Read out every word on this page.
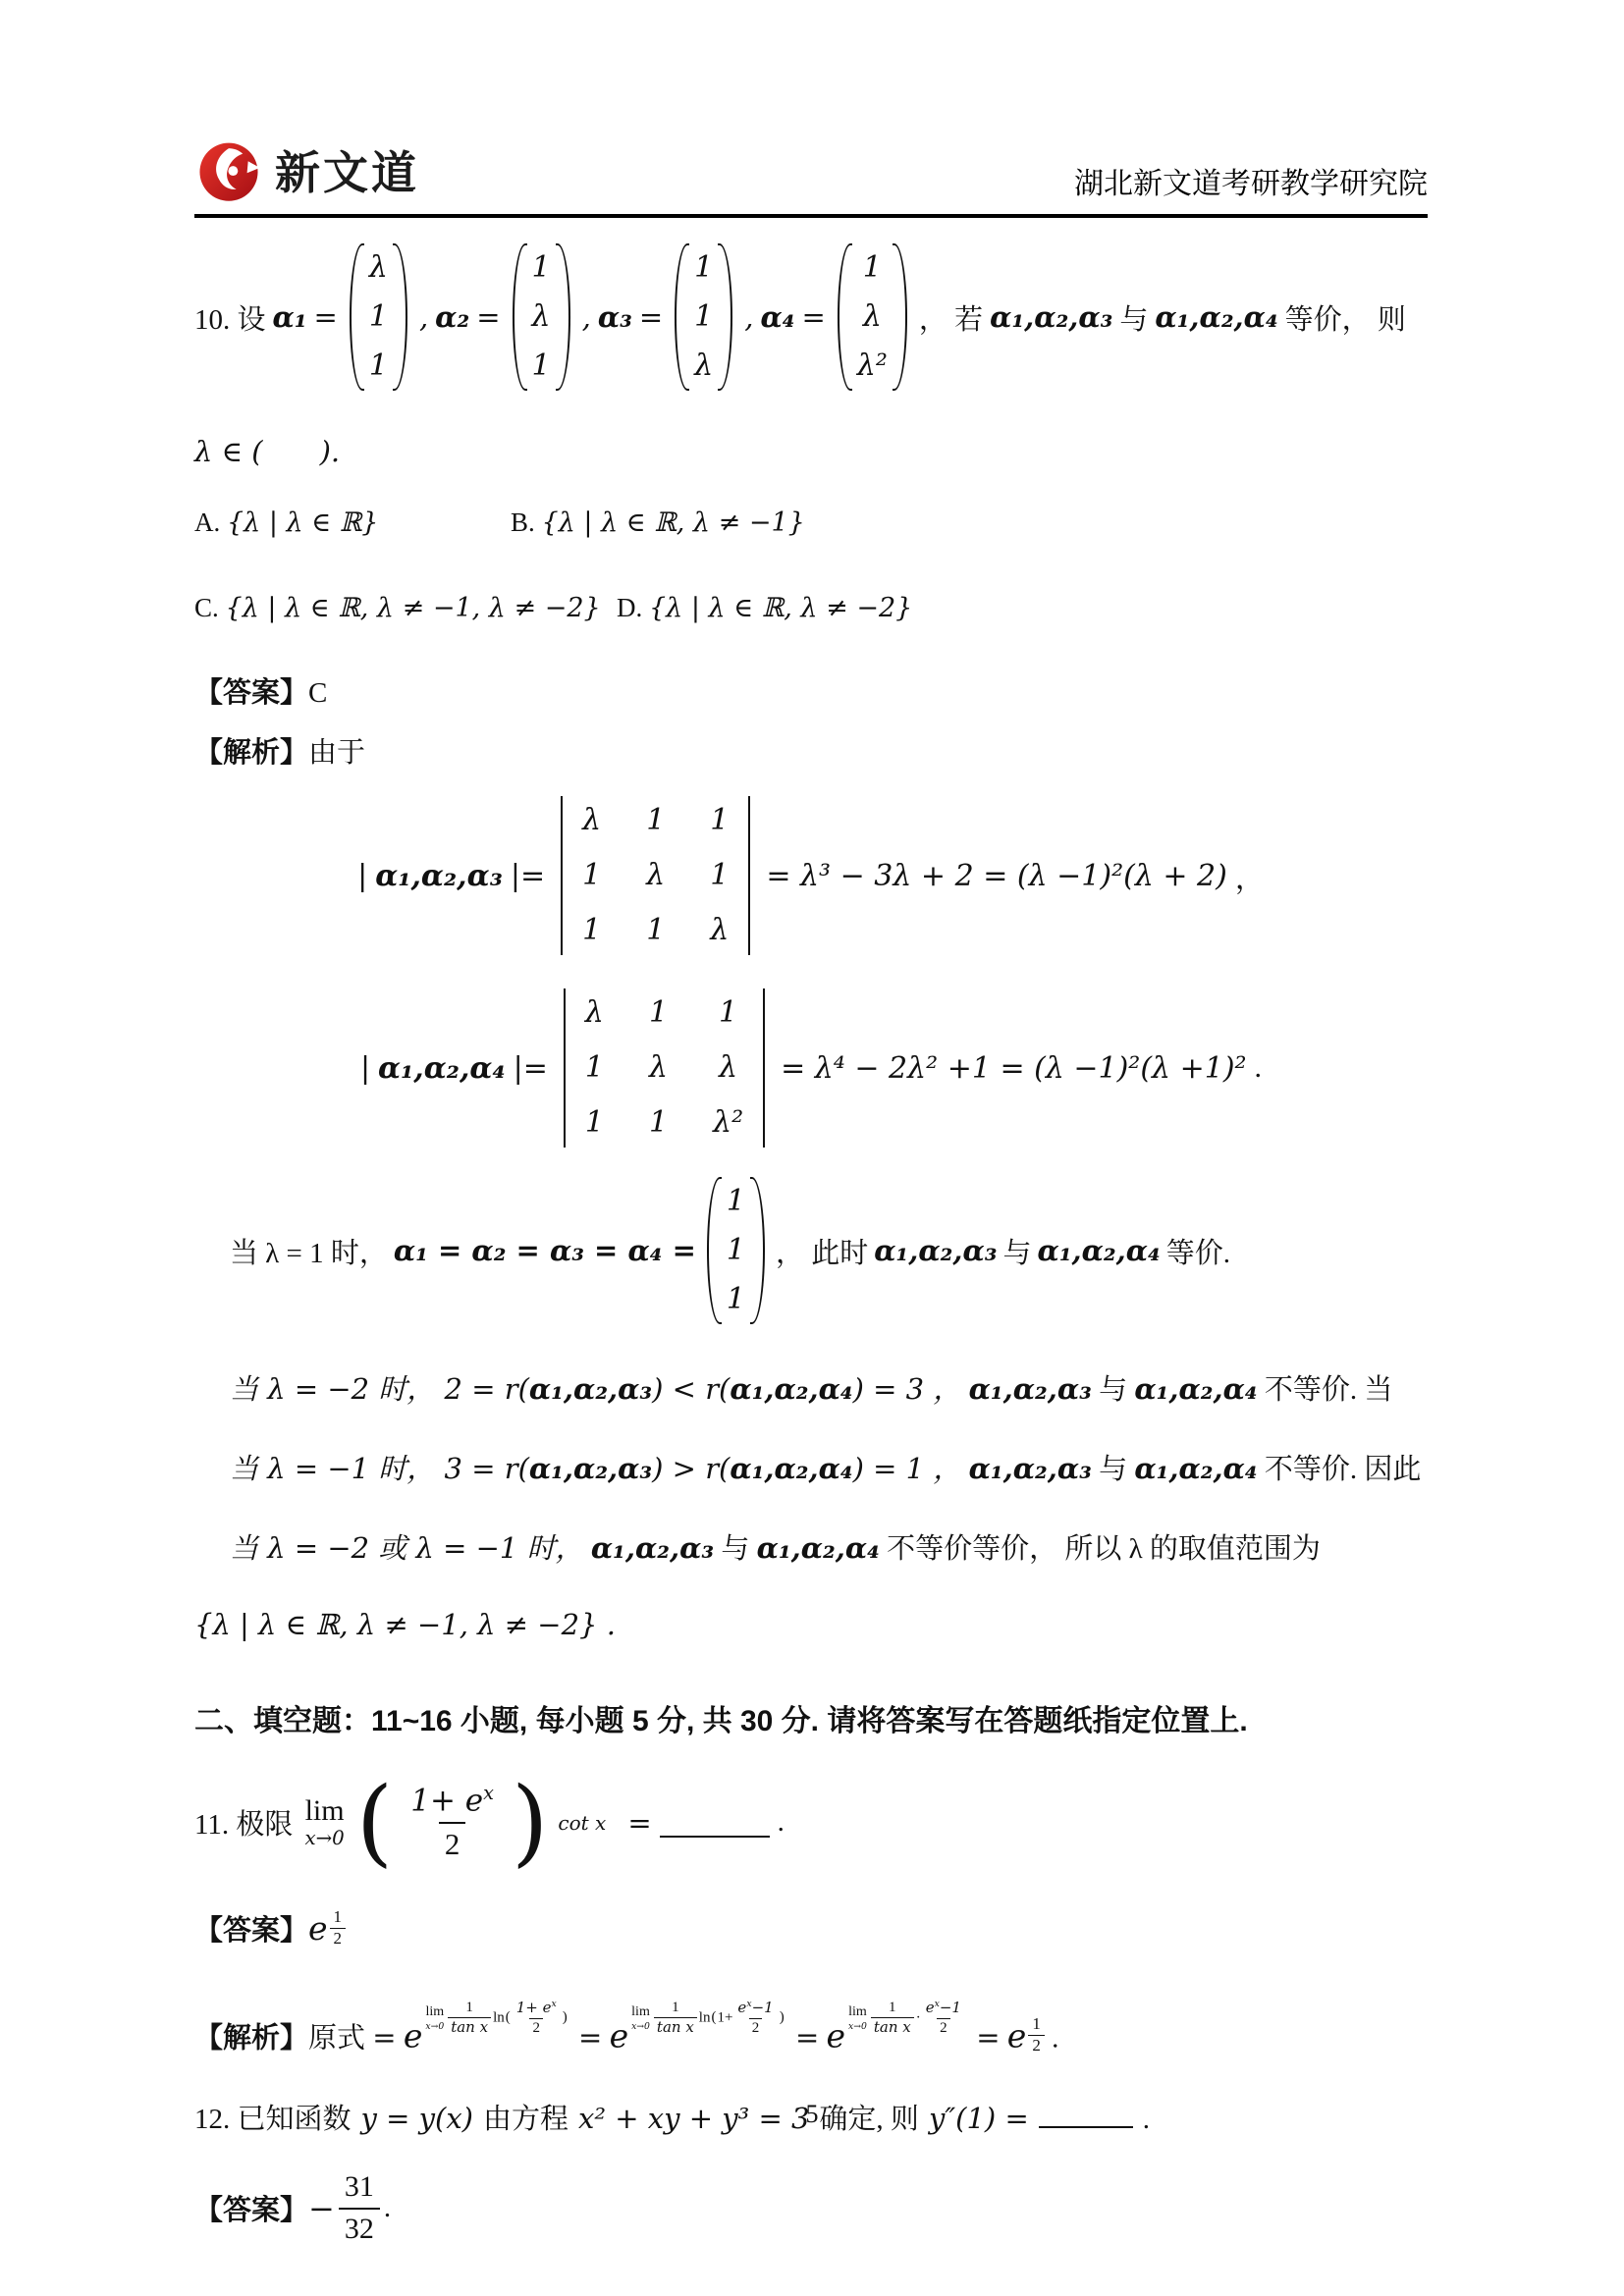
新文道	湖北新文道考研教学研究院
10. 设 α₁ =
λ
1
1
, α₂ =
1
λ
1
, α₃ =
1
1
λ
, α₄ =
1
λ
λ²
， 若 α₁,α₂,α₃ 与 α₁,α₂,α₄ 等价， 则
λ ∈ (　　).
A. {λ | λ ∈ ℝ}	B. {λ | λ ∈ ℝ, λ ≠ −1}
C. {λ | λ ∈ ℝ, λ ≠ −1, λ ≠ −2} D. {λ | λ ∈ ℝ, λ ≠ −2}
【答案】C
【解析】由于
| α₁,α₂,α₃ |=
λ 1 1
1 λ 1
1 1 λ
= λ³ − 3λ + 2 = (λ −1)²(λ + 2) ，
| α₁,α₂,α₄ |=
λ 1 1
1 λ λ
1 1 λ²
= λ⁴ − 2λ² +1 = (λ −1)²(λ +1)² .
当 λ = 1 时， α₁ = α₂ = α₃ = α₄ =
1
1
1
， 此时 α₁,α₂,α₃ 与 α₁,α₂,α₄ 等价.
当 λ = −2 时， 2 = r(α₁,α₂,α₃) < r(α₁,α₂,α₄) = 3 ， α₁,α₂,α₃ 与 α₁,α₂,α₄ 不等价. 当
当 λ = −1 时， 3 = r(α₁,α₂,α₃) > r(α₁,α₂,α₄) = 1 ， α₁,α₂,α₃ 与 α₁,α₂,α₄ 不等价. 因此
当 λ = −2 或 λ = −1 时， α₁,α₂,α₃ 与 α₁,α₂,α₄ 不等价等价， 所以 λ 的取值范围为
{λ | λ ∈ ℝ, λ ≠ −1, λ ≠ −2} .
二、填空题：11~16 小题, 每小题 5 分, 共 30 分. 请将答案写在答题纸指定位置上.
11. 极限 lim
x→0 ( $\frac{1+ e^x}{2}$ ) cot x =	.
【答案】 e $\frac{1}{2}$
【解析】原式 = e
lim
$x\to 0 \frac{1}{\text{tan x}} \ln( \frac{1+ e^x}{2}$ ) = e
lim
$x\to 0 \frac{1}{\text{tan x}} \ln(1+ \frac{e^x-1}{2}$ ) = e
lim
$x\to 0 \frac{1}{\text{tan x}} \cdot \frac{e^x-1}{2}$
= e $\frac{1}{2}$ .
12. 已知函数 y = y(x) 由方程 x² + xy + y³ = 3 确定, 则 y″(1) =	.
【答案】 − $\frac{31}{32}$ .
5
